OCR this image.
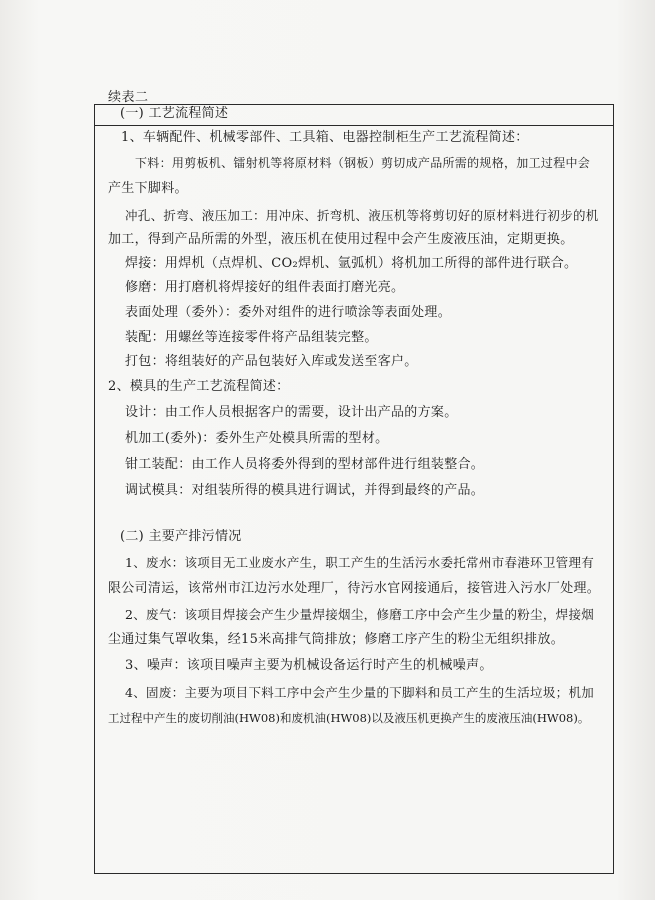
续表二
(一) 工艺流程简述
1、车辆配件、机械零部件、工具箱、电器控制柜生产工艺流程简述：
下料：用剪板机、镭射机等将原材料（钢板）剪切成产品所需的规格，加工过程中会
产生下脚料。
冲孔、折弯、液压加工：用冲床、折弯机、液压机等将剪切好的原材料进行初步的机
加工，得到产品所需的外型，液压机在使用过程中会产生废液压油，定期更换。
焊接：用焊机（点焊机、CO₂焊机、氩弧机）将机加工所得的部件进行联合。
修磨：用打磨机将焊接好的组件表面打磨光亮。
表面处理（委外）：委外对组件的进行喷涂等表面处理。
装配：用螺丝等连接零件将产品组装完整。
打包：将组装好的产品包装好入库或发送至客户。
2、模具的生产工艺流程简述：
设计：由工作人员根据客户的需要，设计出产品的方案。
机加工(委外)：委外生产处模具所需的型材。
钳工装配：由工作人员将委外得到的型材部件进行组装整合。
调试模具：对组装所得的模具进行调试，并得到最终的产品。
(二) 主要产排污情况
1、废水：该项目无工业废水产生，职工产生的生活污水委托常州市春港环卫管理有
限公司清运，该常州市江边污水处理厂，待污水官网接通后，接管进入污水厂处理。
2、废气：该项目焊接会产生少量焊接烟尘，修磨工序中会产生少量的粉尘，焊接烟
尘通过集气罩收集，经15米高排气筒排放；修磨工序产生的粉尘无组织排放。
3、噪声：该项目噪声主要为机械设备运行时产生的机械噪声。
4、固废：主要为项目下料工序中会产生少量的下脚料和员工产生的生活垃圾；机加
工过程中产生的废切削油(HW08)和废机油(HW08)以及液压机更换产生的废液压油(HW08)。
